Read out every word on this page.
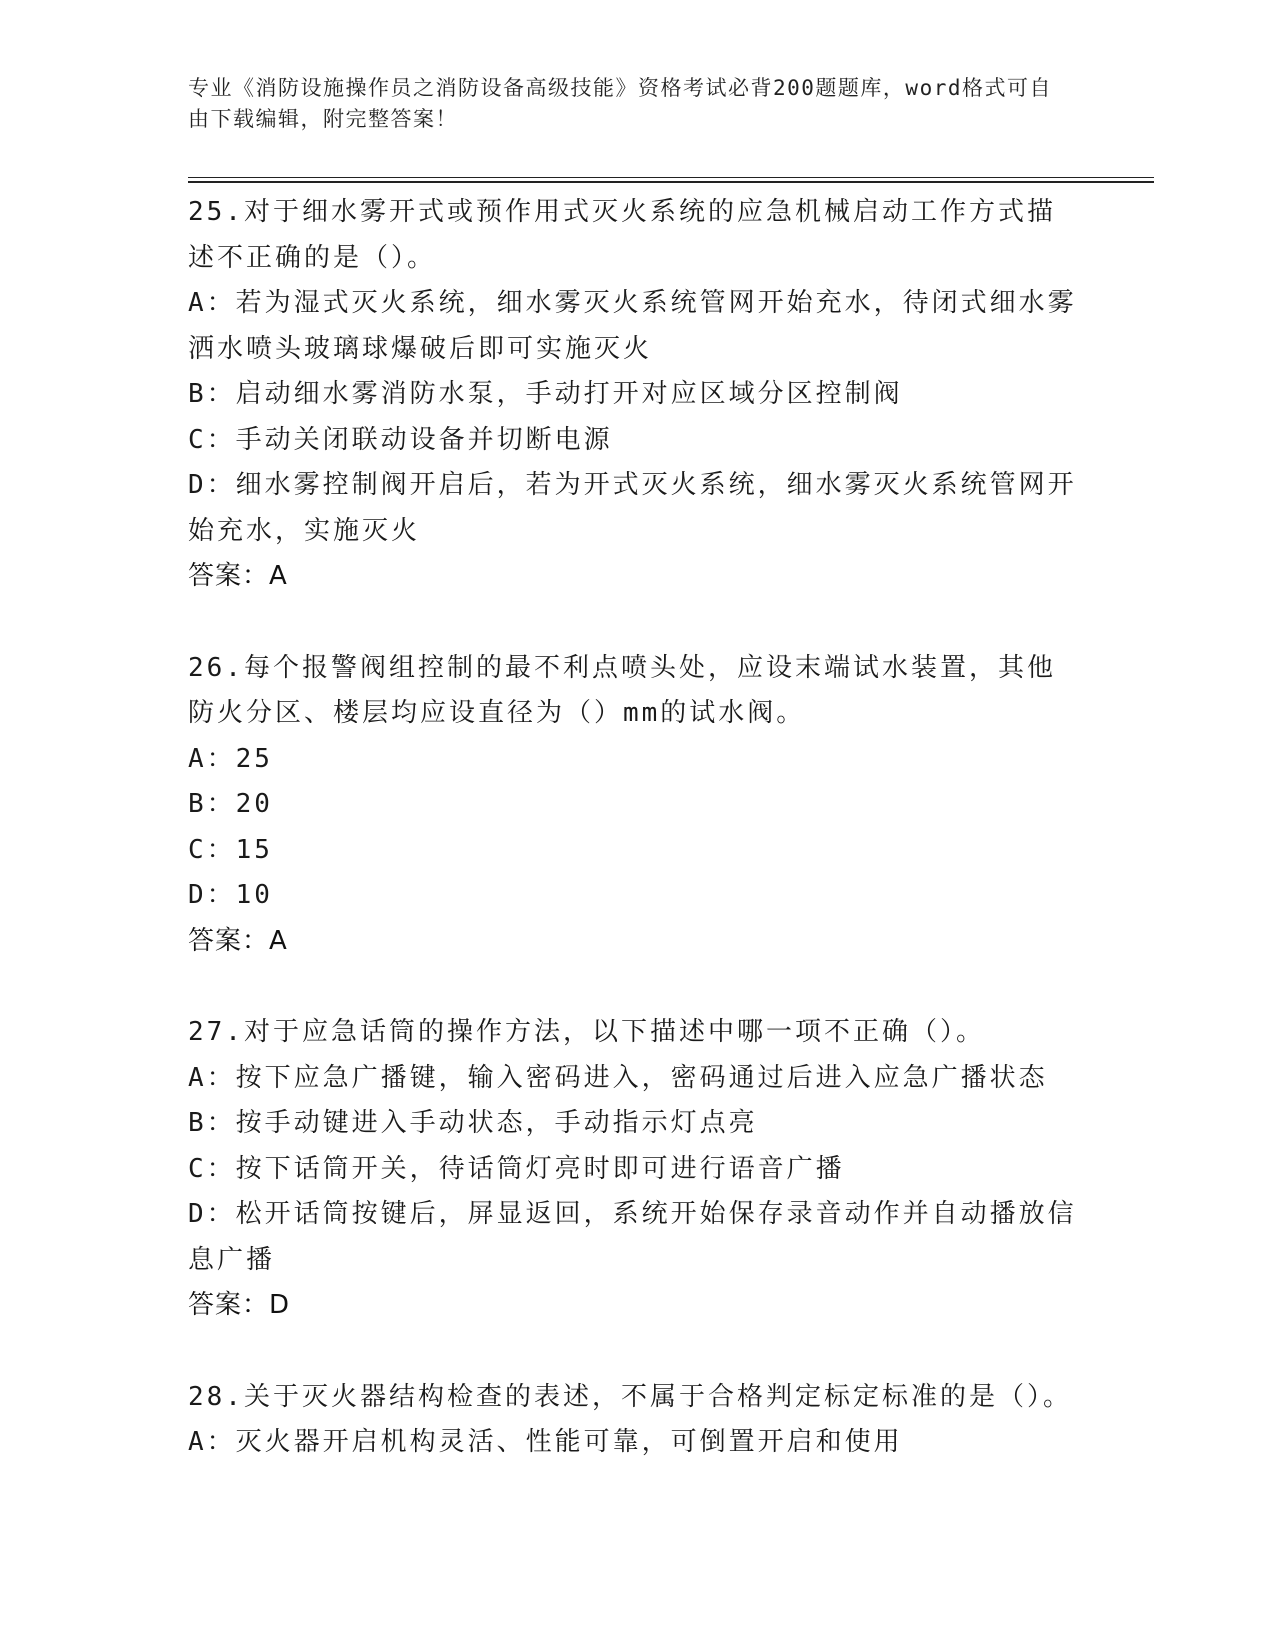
专业《消防设施操作员之消防设备高级技能》资格考试必背200题题库，word格式可自由下载编辑，附完整答案！
25.对于细水雾开式或预作用式灭火系统的应急机械启动工作方式描述不正确的是（）。
A：若为湿式灭火系统，细水雾灭火系统管网开始充水，待闭式细水雾洒水喷头玻璃球爆破后即可实施灭火
B：启动细水雾消防水泵，手动打开对应区域分区控制阀
C：手动关闭联动设备并切断电源
D：细水雾控制阀开启后，若为开式灭火系统，细水雾灭火系统管网开始充水，实施灭火
答案：A
26.每个报警阀组控制的最不利点喷头处，应设末端试水装置，其他防火分区、楼层均应设直径为（）mm的试水阀。
A：25
B：20
C：15
D：10
答案：A
27.对于应急话筒的操作方法，以下描述中哪一项不正确（）。
A：按下应急广播键，输入密码进入，密码通过后进入应急广播状态
B：按手动键进入手动状态，手动指示灯点亮
C：按下话筒开关，待话筒灯亮时即可进行语音广播
D：松开话筒按键后，屏显返回，系统开始保存录音动作并自动播放信息广播
答案：D
28.关于灭火器结构检查的表述，不属于合格判定标定标准的是（）。
A：灭火器开启机构灵活、性能可靠，可倒置开启和使用
